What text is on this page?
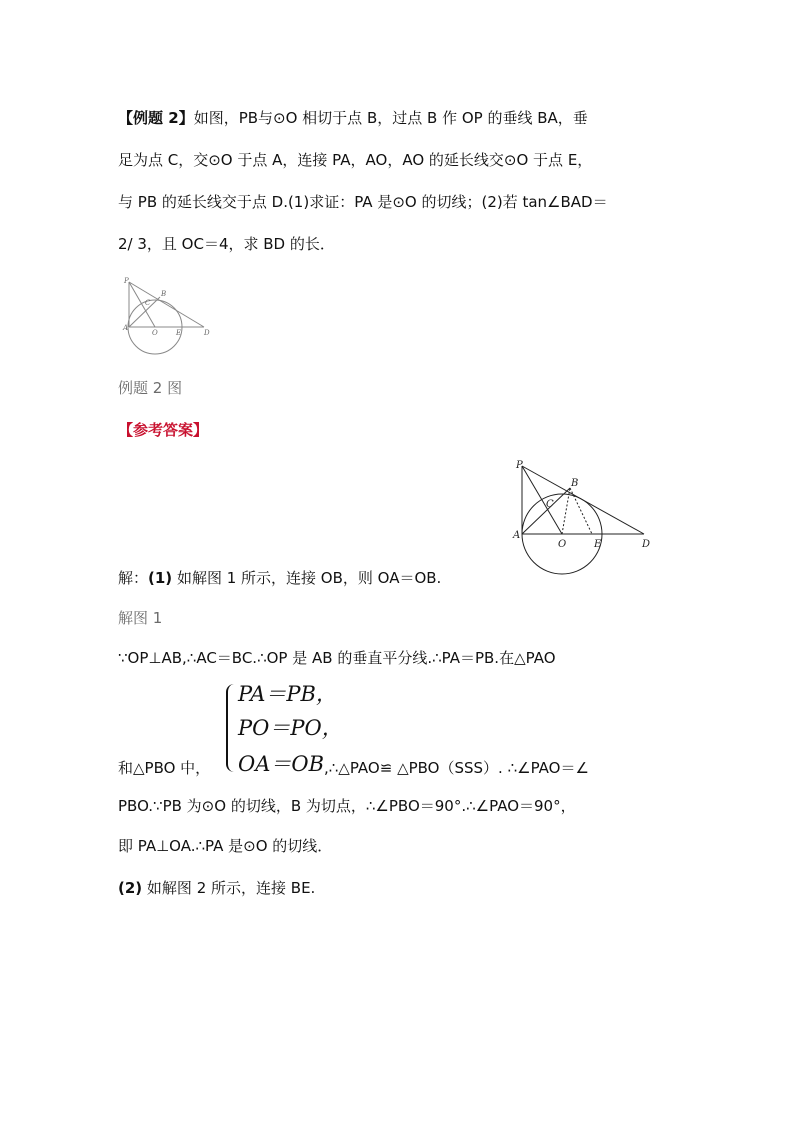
【例题 2】如图，PB与⊙O 相切于点 B，过点 B 作 OP 的垂线 BA，垂
足为点 C，交⊙O 于点 A，连接 PA，AO，AO 的延长线交⊙O 于点 E，
与 PB 的延长线交于点 D.(1)求证：PA 是⊙O 的切线；(2)若 tan∠BAD＝
2/ 3，且 OC＝4，求 BD 的长．
P
B
C
A
O	E	D
例题 2 图
【参考答案】
P
B
C
A
O	E	D
解：(1) 如解图 1 所示，连接 OB，则 OA＝OB.
解图 1
∵OP⊥AB,∴AC＝BC.∴OP 是 AB 的垂直平分线.∴PA＝PB.在△PAO
PA＝PB，
PO＝PO，
OA＝OB
和△PBO 中，	,∴△PAO≌ △PBO（SSS）. ∴∠PAO＝∠
PBO.∵PB 为⊙O 的切线，B 为切点，∴∠PBO＝90°.∴∠PAO＝90°，
即 PA⊥OA.∴PA 是⊙O 的切线．
(2) 如解图 2 所示，连接 BE.
